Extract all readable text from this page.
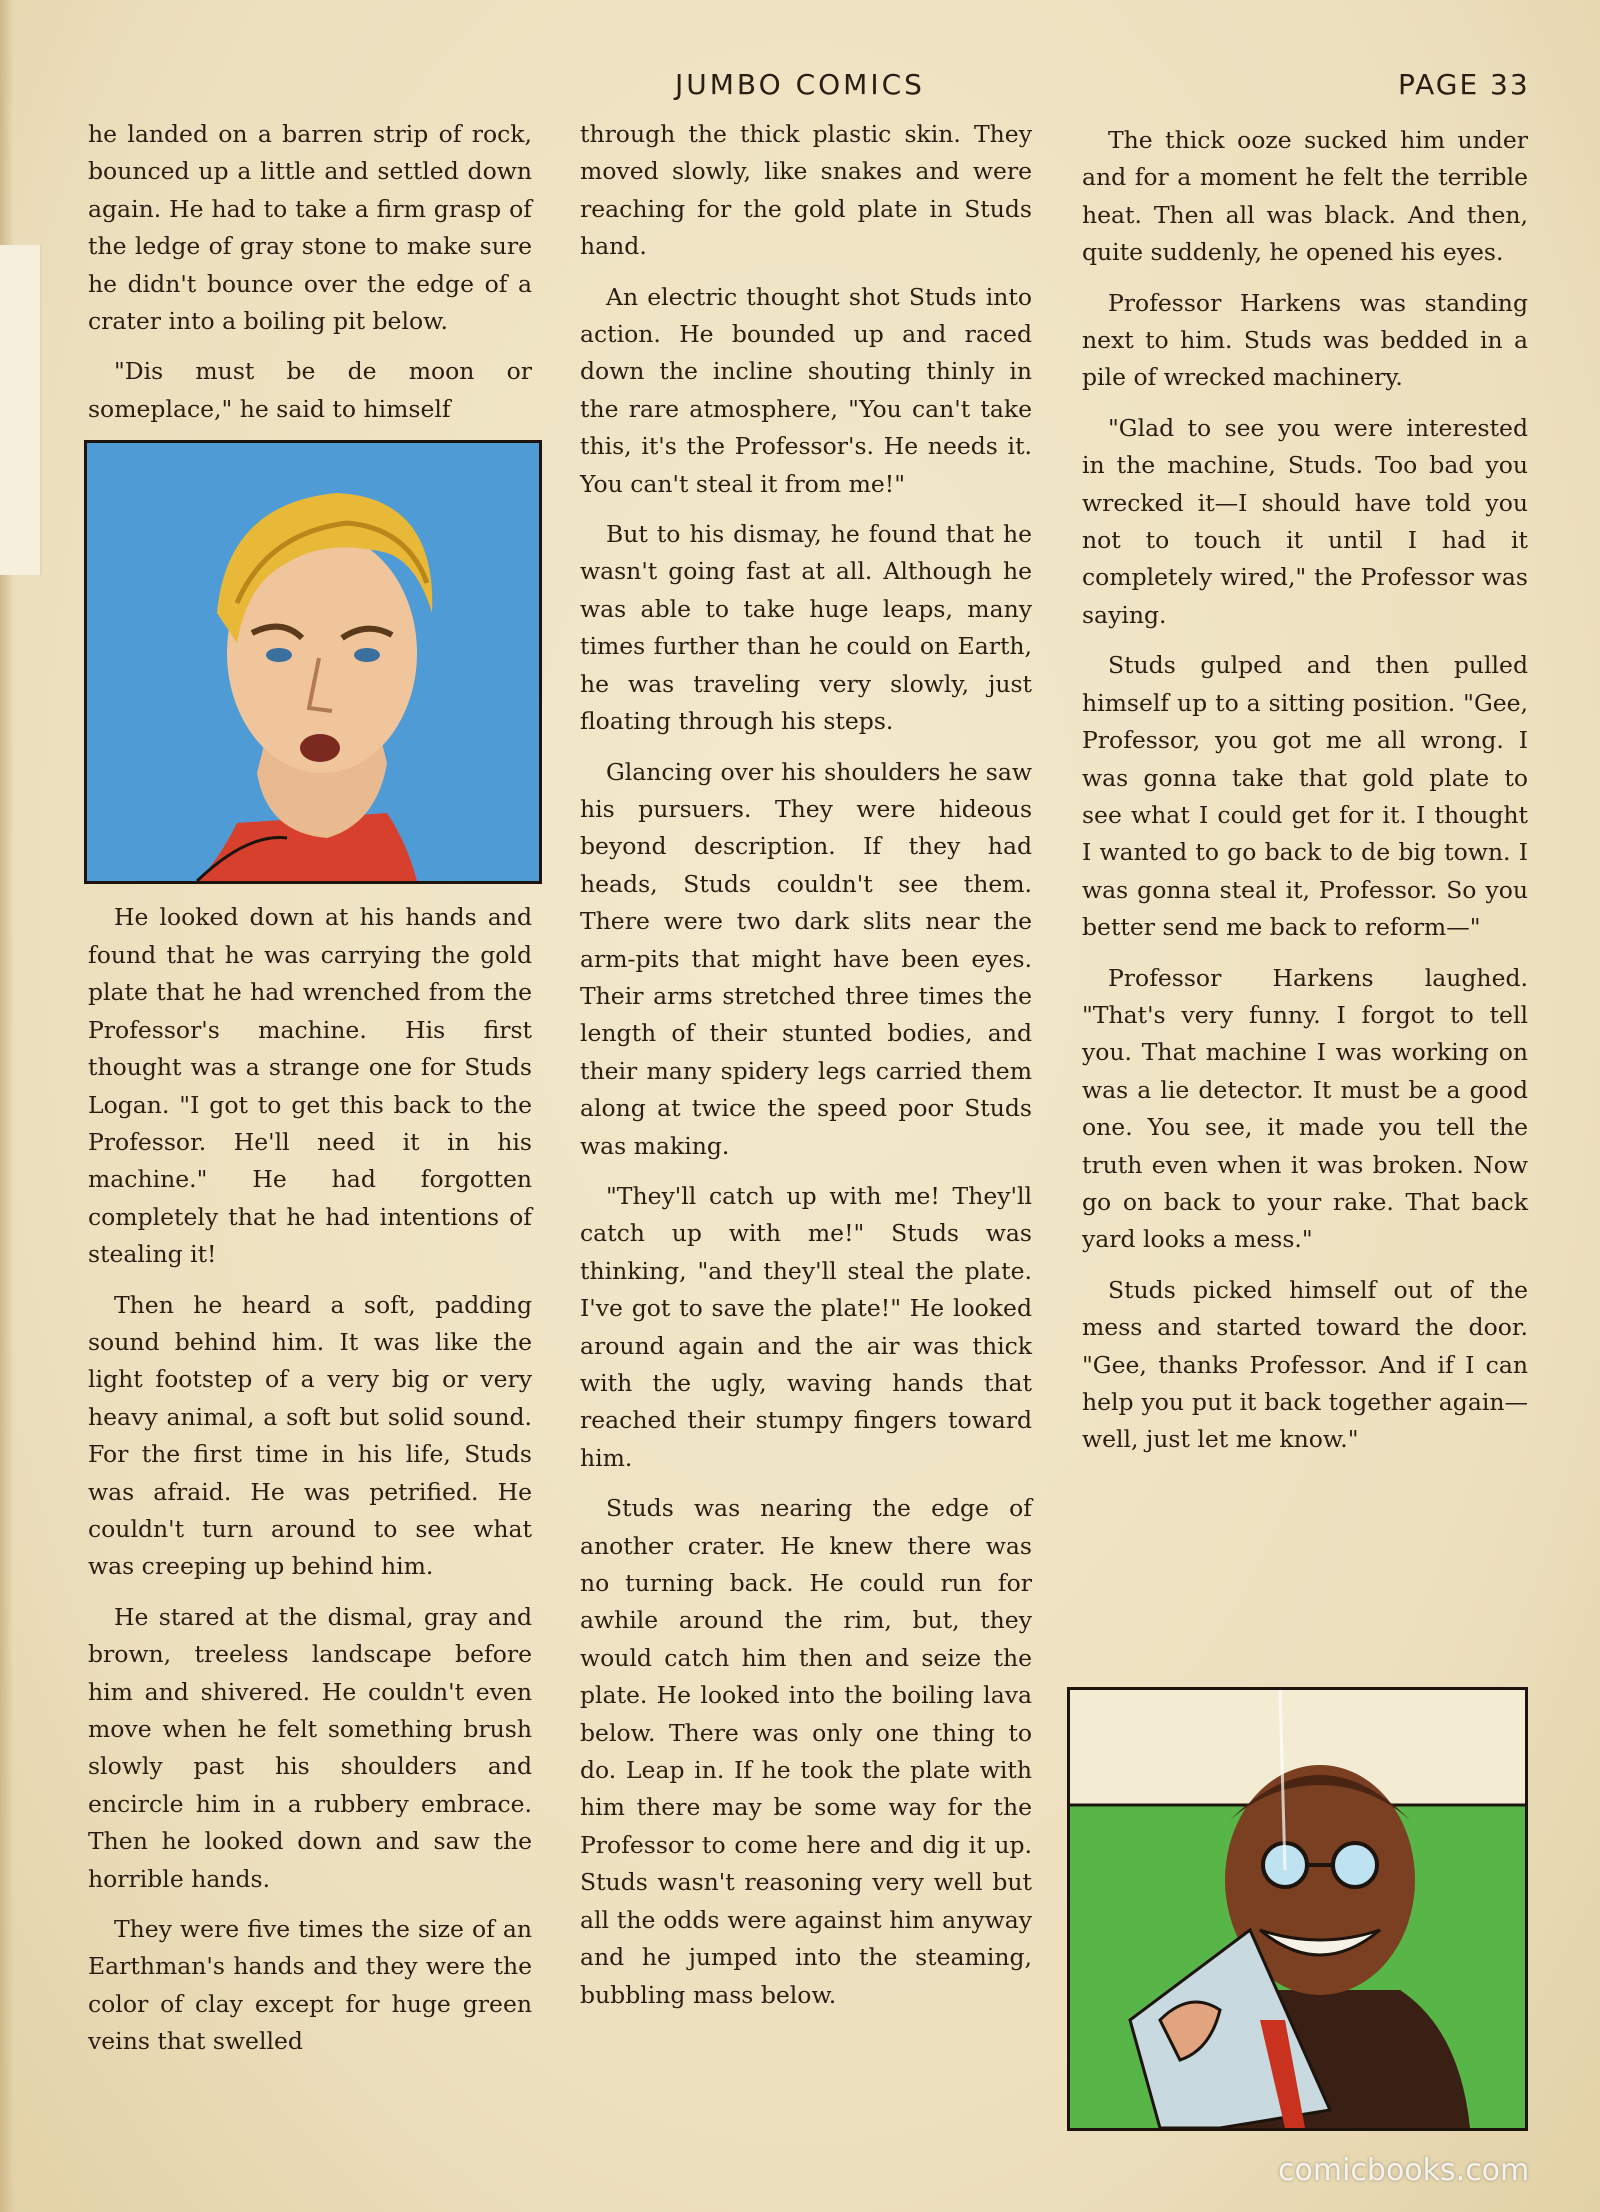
JUMBO COMICS	PAGE 33

he landed on a barren strip of rock, bounced up a little and settled down again. He had to take a firm grasp of the ledge of gray stone to make sure he didn't bounce over the edge of a crater into a boiling pit below.

"Dis must be de moon or someplace," he said to himself

He looked down at his hands and found that he was carrying the gold plate that he had wrenched from the Professor's machine. His first thought was a strange one for Studs Logan. "I got to get this back to the Professor. He'll need it in his machine." He had forgotten completely that he had intentions of stealing it!

Then he heard a soft, padding sound behind him. It was like the light footstep of a very big or very heavy animal, a soft but solid sound. For the first time in his life, Studs was afraid. He was petrified. He couldn't turn around to see what was creeping up behind him.

He stared at the dismal, gray and brown, treeless landscape before him and shivered. He couldn't even move when he felt something brush slowly past his shoulders and encircle him in a rubbery embrace. Then he looked down and saw the horrible hands.

They were five times the size of an Earthman's hands and they were the color of clay except for huge green veins that swelled

through the thick plastic skin. They moved slowly, like snakes and were reaching for the gold plate in Studs hand.

An electric thought shot Studs into action. He bounded up and raced down the incline shouting thinly in the rare atmosphere, "You can't take this, it's the Professor's. He needs it. You can't steal it from me!"

But to his dismay, he found that he wasn't going fast at all. Although he was able to take huge leaps, many times further than he could on Earth, he was traveling very slowly, just floating through his steps.

Glancing over his shoulders he saw his pursuers. They were hideous beyond description. If they had heads, Studs couldn't see them. There were two dark slits near the arm-pits that might have been eyes. Their arms stretched three times the length of their stunted bodies, and their many spidery legs carried them along at twice the speed poor Studs was making.

"They'll catch up with me! They'll catch up with me!" Studs was thinking, "and they'll steal the plate. I've got to save the plate!" He looked around again and the air was thick with the ugly, waving hands that reached their stumpy fingers toward him.

Studs was nearing the edge of another crater. He knew there was no turning back. He could run for awhile around the rim, but, they would catch him then and seize the plate. He looked into the boiling lava below. There was only one thing to do. Leap in. If he took the plate with him there may be some way for the Professor to come here and dig it up. Studs wasn't reasoning very well but all the odds were against him anyway and he jumped into the steaming, bubbling mass below.

The thick ooze sucked him under and for a moment he felt the terrible heat. Then all was black. And then, quite suddenly, he opened his eyes.

Professor Harkens was standing next to him. Studs was bedded in a pile of wrecked machinery.

"Glad to see you were interested in the machine, Studs. Too bad you wrecked it—I should have told you not to touch it until I had it completely wired," the Professor was saying.

Studs gulped and then pulled himself up to a sitting position. "Gee, Professor, you got me all wrong. I was gonna take that gold plate to see what I could get for it. I thought I wanted to go back to de big town. I was gonna steal it, Professor. So you better send me back to reform—"

Professor Harkens laughed. "That's very funny. I forgot to tell you. That machine I was working on was a lie detector. It must be a good one. You see, it made you tell the truth even when it was broken. Now go on back to your rake. That back yard looks a mess."

Studs picked himself out of the mess and started toward the door. "Gee, thanks Professor. And if I can help you put it back together again—well, just let me know."

comicbooks.com
